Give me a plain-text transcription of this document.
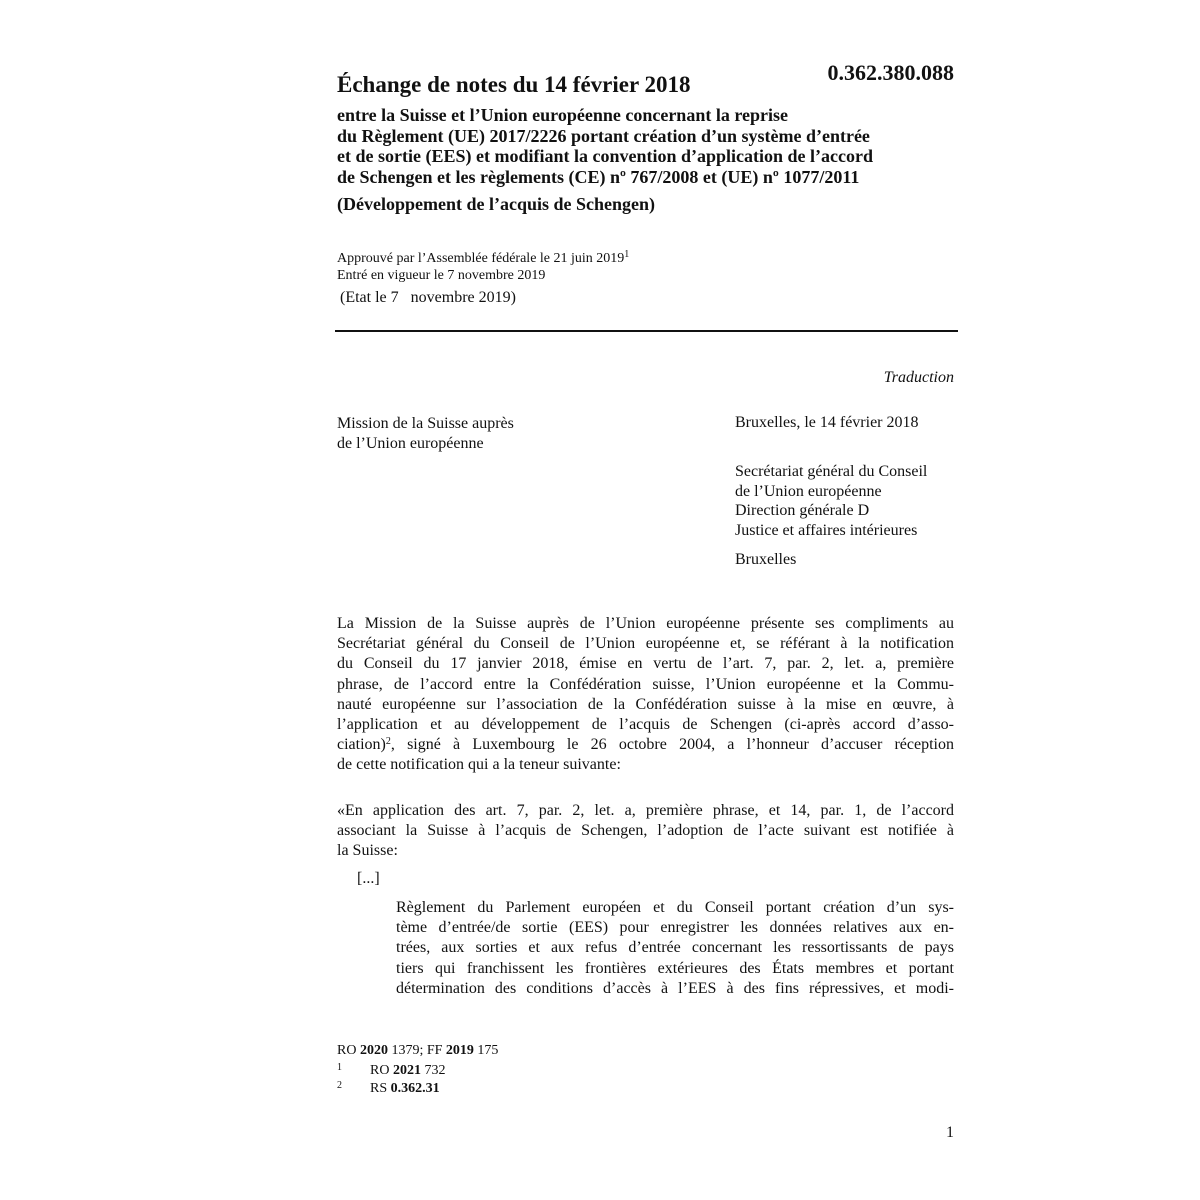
Échange de notes du 14 février 2018	0.362.380.088
entre la Suisse et l’Union européenne concernant la reprise
du Règlement (UE) 2017/2226 portant création d’un système d’entrée
et de sortie (EES) et modifiant la convention d’application de l’accord
de Schengen et les règlements (CE) nº 767/2008 et (UE) nº 1077/2011
(Développement de l’acquis de Schengen)
Approuvé par l’Assemblée fédérale le 21 juin 2019$^1$
Entré en vigueur le 7 novembre 2019
(Etat le 7   novembre 2019)
Traduction
Mission de la Suisse auprès
de l’Union européenne
Bruxelles, le 14 février 2018
Secrétariat général du Conseil
de l’Union européenne
Direction générale D
Justice et affaires intérieures
Bruxelles
La Mission de la Suisse auprès de l’Union européenne présente ses compliments au
Secrétariat général du Conseil de l’Union européenne et, se référant à la notification
du Conseil du 17 janvier 2018, émise en vertu de l’art. 7, par. 2, let. a, première
phrase, de l’accord entre la Confédération suisse, l’Union européenne et la Commu-
nauté européenne sur l’association de la Confédération suisse à la mise en œuvre, à
l’application et au développement de l’acquis de Schengen (ci-après accord d’asso-
ciation)$^2$, signé à Luxembourg le 26 octobre 2004, a l’honneur d’accuser réception
de cette notification qui a la teneur suivante:
«En application des art. 7, par. 2, let. a, première phrase, et 14, par. 1, de l’accord
associant la Suisse à l’acquis de Schengen, l’adoption de l’acte suivant est notifiée à
la Suisse:
[...]
Règlement du Parlement européen et du Conseil portant création d’un sys-
tème d’entrée/de sortie (EES) pour enregistrer les données relatives aux en-
trées, aux sorties et aux refus d’entrée concernant les ressortissants de pays
tiers qui franchissent les frontières extérieures des États membres et portant
détermination des conditions d’accès à l’EES à des fins répressives, et modi-
RO 2020 1379; FF 2019 175
1 RO 2021 732
2 RS 0.362.31
1
